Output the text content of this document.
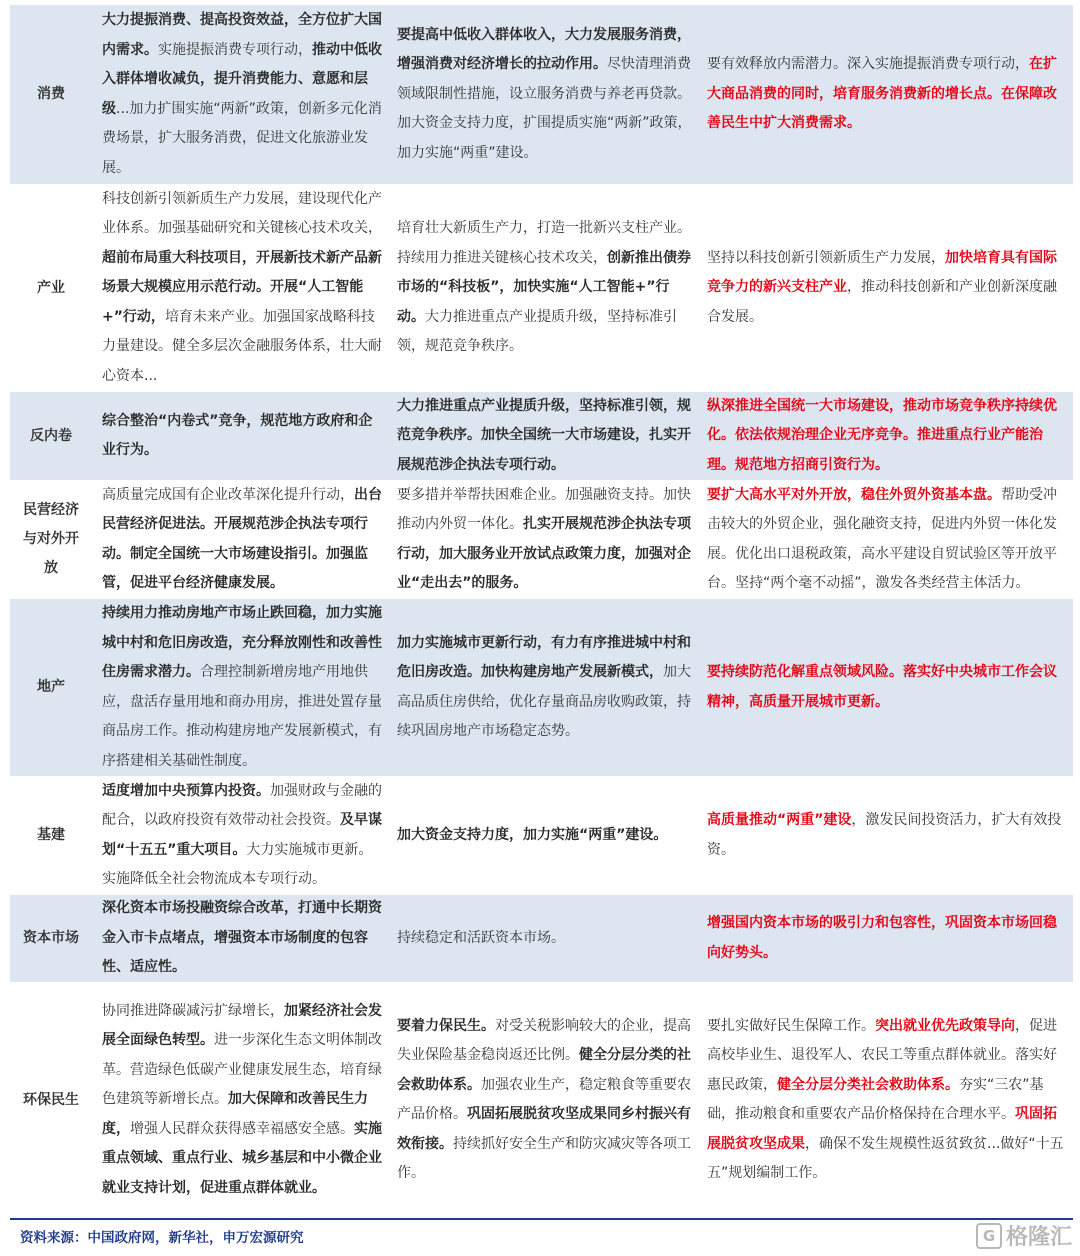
消费
大力提振消费、提高投资效益，全方位扩大国内需求。实施提振消费专项行动，推动中低收入群体增收减负，提升消费能力、意愿和层级...加力扩围实施“两新”政策，创新多元化消费场景，扩大服务消费，促进文化旅游业发展。
要提高中低收入群体收入，大力发展服务消费，增强消费对经济增长的拉动作用。尽快清理消费领域限制性措施，设立服务消费与养老再贷款。加大资金支持力度，扩围提质实施“两新”政策，加力实施“两重”建设。
要有效释放内需潜力。深入实施提振消费专项行动，在扩大商品消费的同时，培育服务消费新的增长点。在保障改善民生中扩大消费需求。
产业
科技创新引领新质生产力发展，建设现代化产业体系。加强基础研究和关键核心技术攻关，超前布局重大科技项目，开展新技术新产品新场景大规模应用示范行动。开展“人工智能+”行动，培育未来产业。加强国家战略科技力量建设。健全多层次金融服务体系，壮大耐心资本...
培育壮大新质生产力，打造一批新兴支柱产业。持续用力推进关键核心技术攻关，创新推出债券市场的“科技板”，加快实施“人工智能+”行动。大力推进重点产业提质升级，坚持标准引领，规范竞争秩序。
坚持以科技创新引领新质生产力发展，加快培育具有国际竞争力的新兴支柱产业，推动科技创新和产业创新深度融合发展。
反内卷
综合整治“内卷式”竞争，规范地方政府和企业行为。
大力推进重点产业提质升级，坚持标准引领，规范竞争秩序。加快全国统一大市场建设，扎实开展规范涉企执法专项行动。
纵深推进全国统一大市场建设，推动市场竞争秩序持续优化。依法依规治理企业无序竞争。推进重点行业产能治理。规范地方招商引资行为。
民营经济与对外开放
高质量完成国有企业改革深化提升行动，出台民营经济促进法。开展规范涉企执法专项行动。制定全国统一大市场建设指引。加强监管，促进平台经济健康发展。
要多措并举帮扶困难企业。加强融资支持。加快推动内外贸一体化。扎实开展规范涉企执法专项行动，加大服务业开放试点政策力度，加强对企业“走出去”的服务。
要扩大高水平对外开放，稳住外贸外资基本盘。帮助受冲击较大的外贸企业，强化融资支持，促进内外贸一体化发展。优化出口退税政策，高水平建设自贸试验区等开放平台。坚持“两个毫不动摇”，激发各类经营主体活力。
地产
持续用力推动房地产市场止跌回稳，加力实施城中村和危旧房改造，充分释放刚性和改善性住房需求潜力。合理控制新增房地产用地供应，盘活存量用地和商办用房，推进处置存量商品房工作。推动构建房地产发展新模式，有序搭建相关基础性制度。
加力实施城市更新行动，有力有序推进城中村和危旧房改造。加快构建房地产发展新模式，加大高品质住房供给，优化存量商品房收购政策，持续巩固房地产市场稳定态势。
要持续防范化解重点领域风险。落实好中央城市工作会议精神，高质量开展城市更新。
基建
适度增加中央预算内投资。加强财政与金融的配合，以政府投资有效带动社会投资。及早谋划“十五五”重大项目。大力实施城市更新。实施降低全社会物流成本专项行动。
加大资金支持力度，加力实施“两重”建设。
高质量推动“两重”建设，激发民间投资活力，扩大有效投资。
资本市场
深化资本市场投融资综合改革，打通中长期资金入市卡点堵点，增强资本市场制度的包容性、适应性。
持续稳定和活跃资本市场。
增强国内资本市场的吸引力和包容性，巩固资本市场回稳向好势头。
环保民生
协同推进降碳减污扩绿增长，加紧经济社会发展全面绿色转型。进一步深化生态文明体制改革。营造绿色低碳产业健康发展生态，培育绿色建筑等新增长点。加大保障和改善民生力度，增强人民群众获得感幸福感安全感。实施重点领域、重点行业、城乡基层和中小微企业就业支持计划，促进重点群体就业。
要着力保民生。对受关税影响较大的企业，提高失业保险基金稳岗返还比例。健全分层分类的社会救助体系。加强农业生产，稳定粮食等重要农产品价格。巩固拓展脱贫攻坚成果同乡村振兴有效衔接。持续抓好安全生产和防灾减灾等各项工作。
要扎实做好民生保障工作。突出就业优先政策导向，促进高校毕业生、退役军人、农民工等重点群体就业。落实好惠民政策，健全分层分类社会救助体系。夯实“三农”基础，推动粮食和重要农产品价格保持在合理水平。巩固拓展脱贫攻坚成果，确保不发生规模性返贫致贫...做好“十五五”规划编制工作。
资料来源：中国政府网，新华社，申万宏源研究	G 格隆汇
